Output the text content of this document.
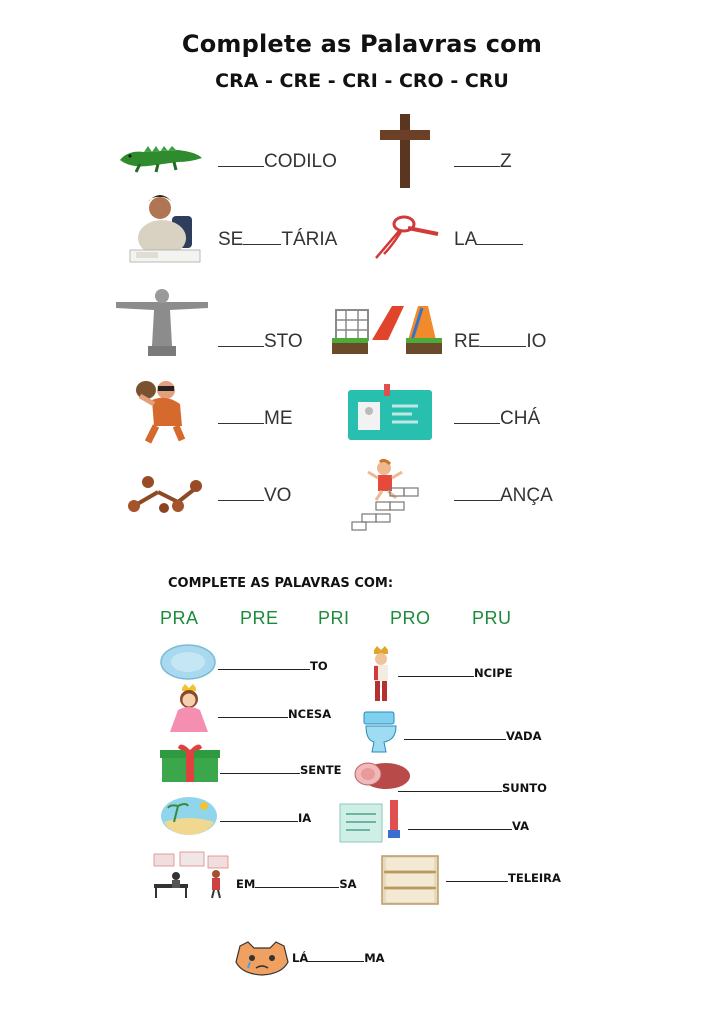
Complete as Palavras com
CRA - CRE - CRI - CRO - CRU
CODILO	Z
SE TÁRIA	LA
STO	RE IO
ME	CHÁ
VO	ANÇA
COMPLETE AS PALAVRAS COM:
PRA PRE PRI PRO PRU
TO	NCIPE
NCESA
VADA
SENTE
SUNTO
IA
VA
EM	SA	TELEIRA
LÁ	MA
